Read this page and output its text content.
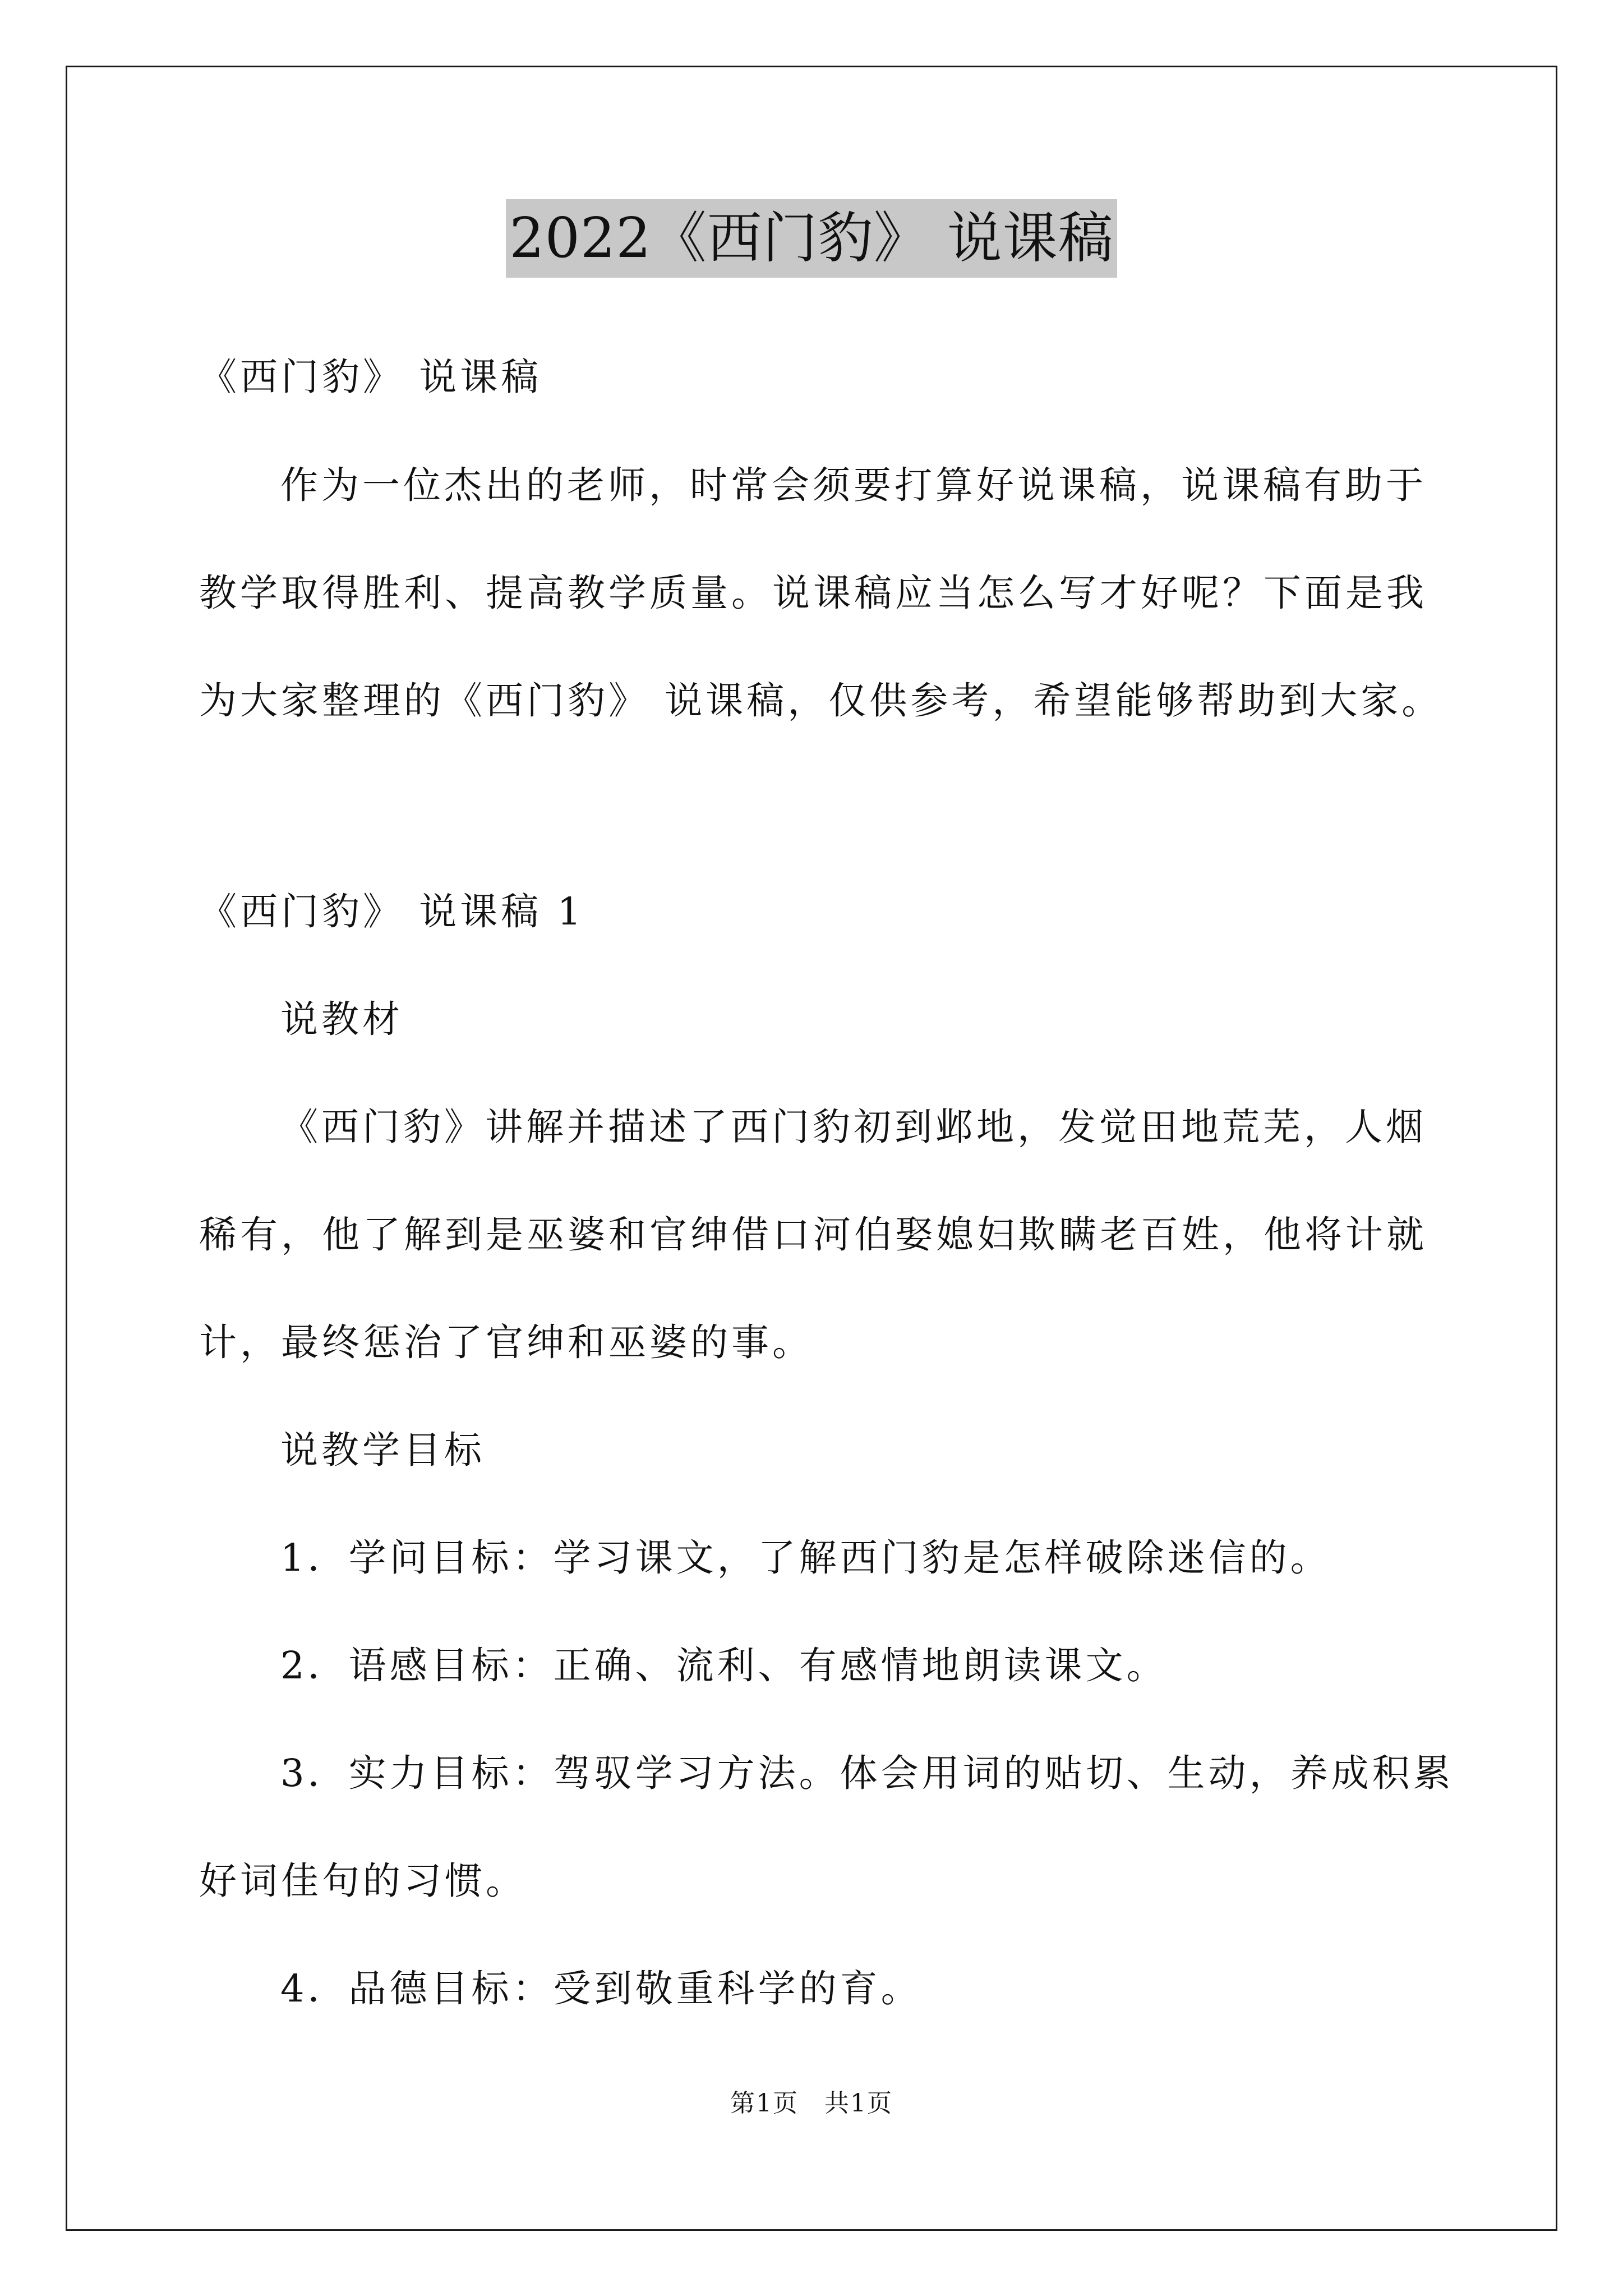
2022《西门豹》 说课稿
《西门豹》 说课稿
作为一位杰出的老师，时常会须要打算好说课稿，说课稿有助于
教学取得胜利、提高教学质量。说课稿应当怎么写才好呢？下面是我
为大家整理的《西门豹》 说课稿，仅供参考，希望能够帮助到大家。
《西门豹》 说课稿 1
说教材
《西门豹》讲解并描述了西门豹初到邺地，发觉田地荒芜，人烟
稀有，他了解到是巫婆和官绅借口河伯娶媳妇欺瞒老百姓，他将计就
计，最终惩治了官绅和巫婆的事。
说教学目标
1．学问目标：学习课文，了解西门豹是怎样破除迷信的。
2．语感目标：正确、流利、有感情地朗读课文。
3．实力目标：驾驭学习方法。体会用词的贴切、生动，养成积累
好词佳句的习惯。
4．品德目标：受到敬重科学的育。
第1页　共1页
